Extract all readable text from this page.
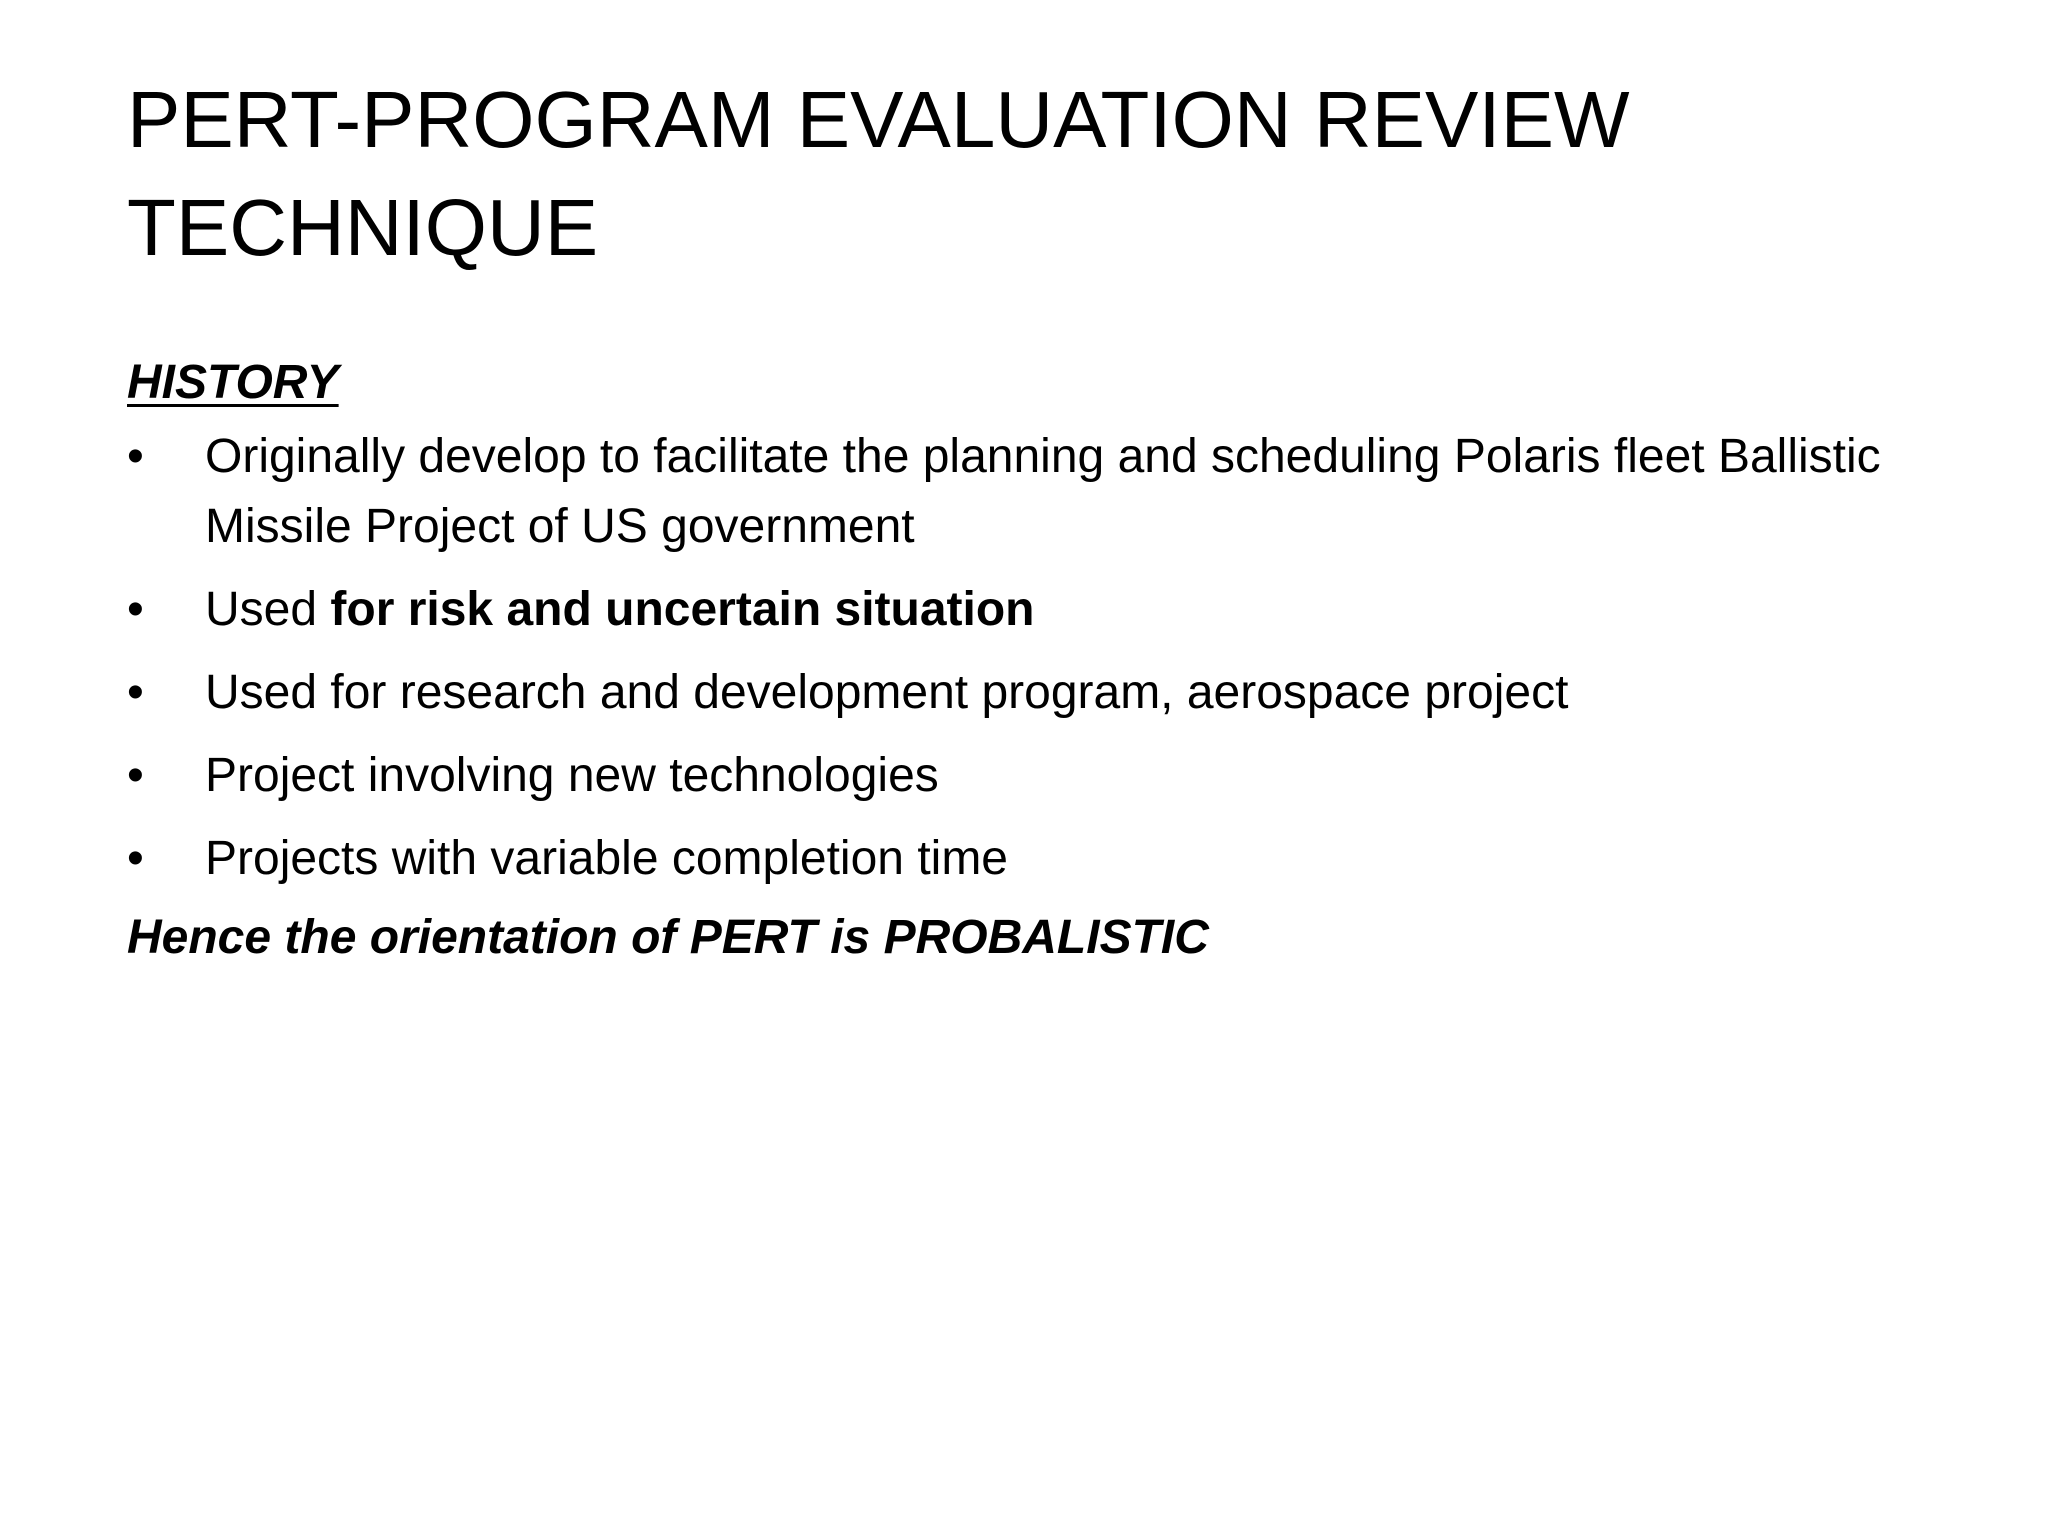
PERT-PROGRAM EVALUATION REVIEW TECHNIQUE
HISTORY
•	Originally develop to facilitate the planning and scheduling Polaris fleet Ballistic Missile Project of US government
•	Used for risk and uncertain situation
•	Used for research and development program, aerospace project
•	Project involving new technologies
•	Projects with variable completion time
Hence the orientation of PERT is PROBALISTIC
